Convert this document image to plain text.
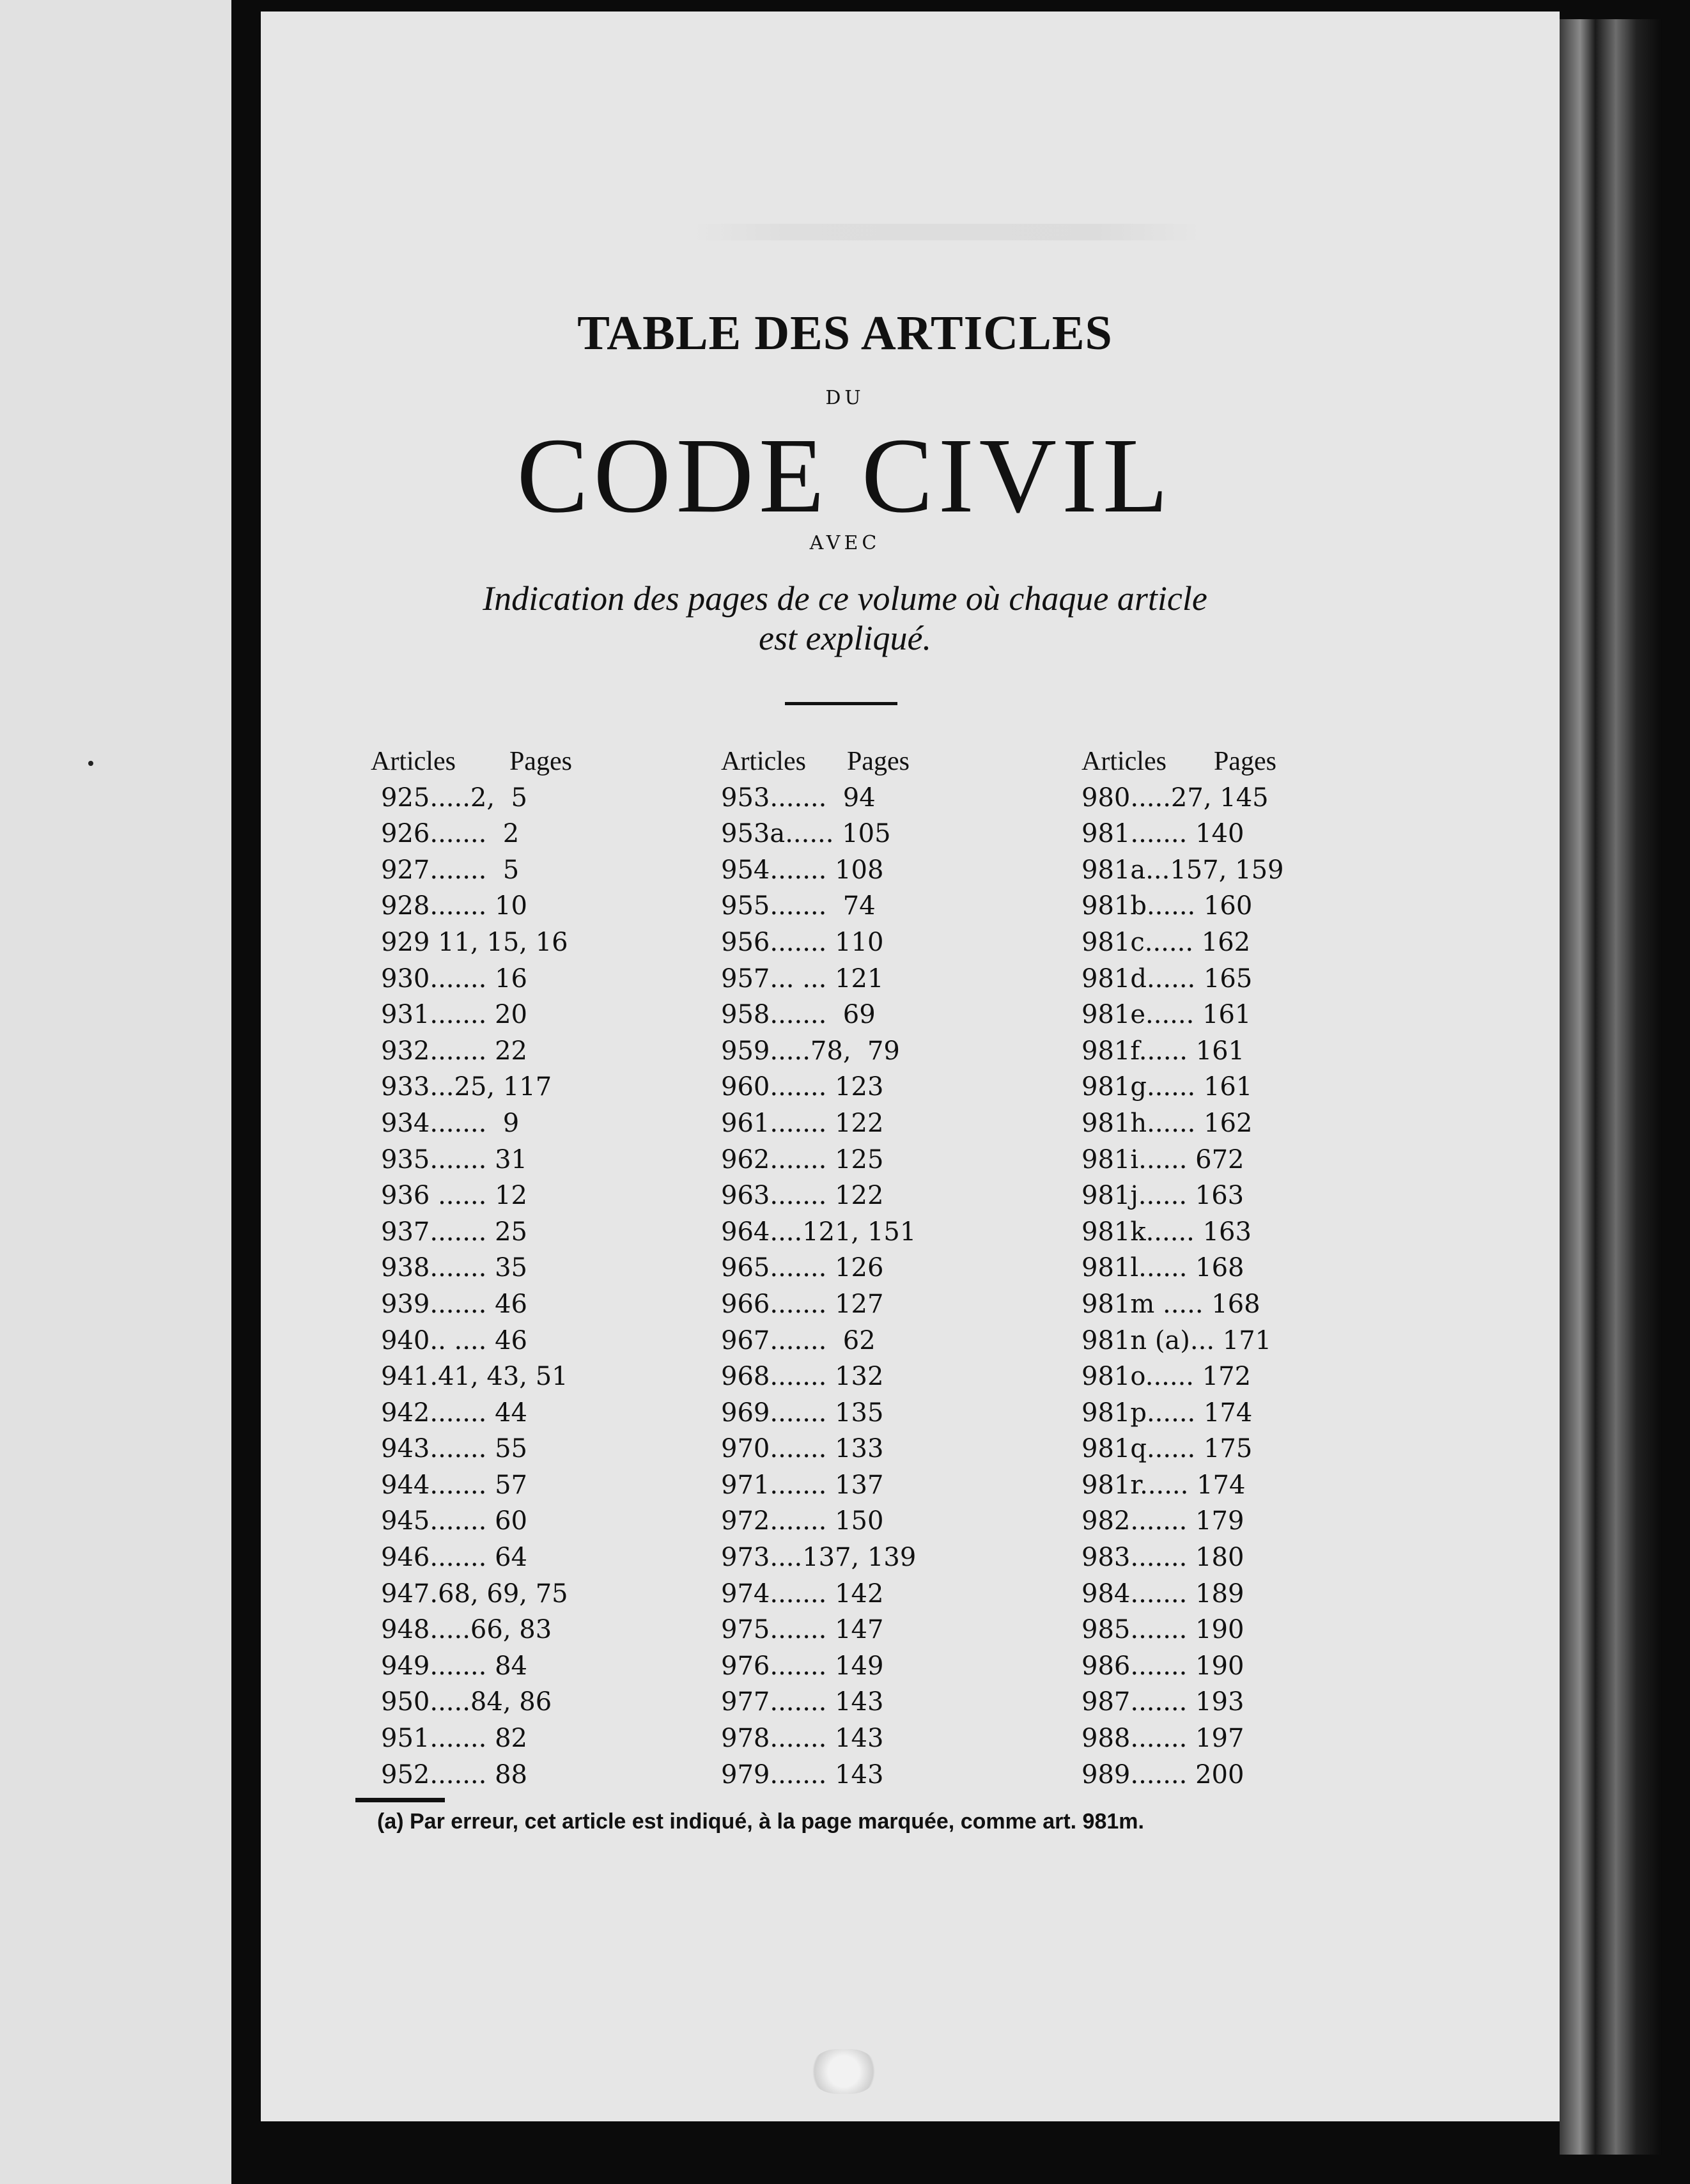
TABLE DES ARTICLES
DU
CODE CIVIL
AVEC
Indication des pages de ce volume où chaque article
est expliqué.
Articles Pages
925.....2,  5
926.......  2
927.......  5
928....... 10
929 11, 15, 16
930....... 16
931....... 20
932....... 22
933...25, 117
934.......  9
935....... 31
936 ...... 12
937....... 25
938....... 35
939....... 46
940.. .... 46
941.41, 43, 51
942....... 44
943....... 55
944....... 57
945....... 60
946....... 64
947.68, 69, 75
948.....66, 83
949....... 84
950.....84, 86
951....... 82
952....... 88
Articles Pages
953.......  94
953a...... 105
954....... 108
955.......  74
956....... 110
957... ... 121
958.......  69
959.....78,  79
960....... 123
961....... 122
962....... 125
963....... 122
964....121, 151
965....... 126
966....... 127
967.......  62
968....... 132
969....... 135
970....... 133
971....... 137
972....... 150
973....137, 139
974....... 142
975....... 147
976....... 149
977....... 143
978....... 143
979....... 143
Articles Pages
980.....27, 145
981....... 140
981a...157, 159
981b...... 160
981c...... 162
981d...... 165
981e...... 161
981f...... 161
981g...... 161
981h...... 162
981i...... 672
981j...... 163
981k...... 163
981l...... 168
981m ..... 168
981n (a)... 171
981o...... 172
981p...... 174
981q...... 175
981r...... 174
982....... 179
983....... 180
984....... 189
985....... 190
986....... 190
987....... 193
988....... 197
989....... 200
(a) Par erreur, cet article est indiqué, à la page marquée, comme art. 981m.
